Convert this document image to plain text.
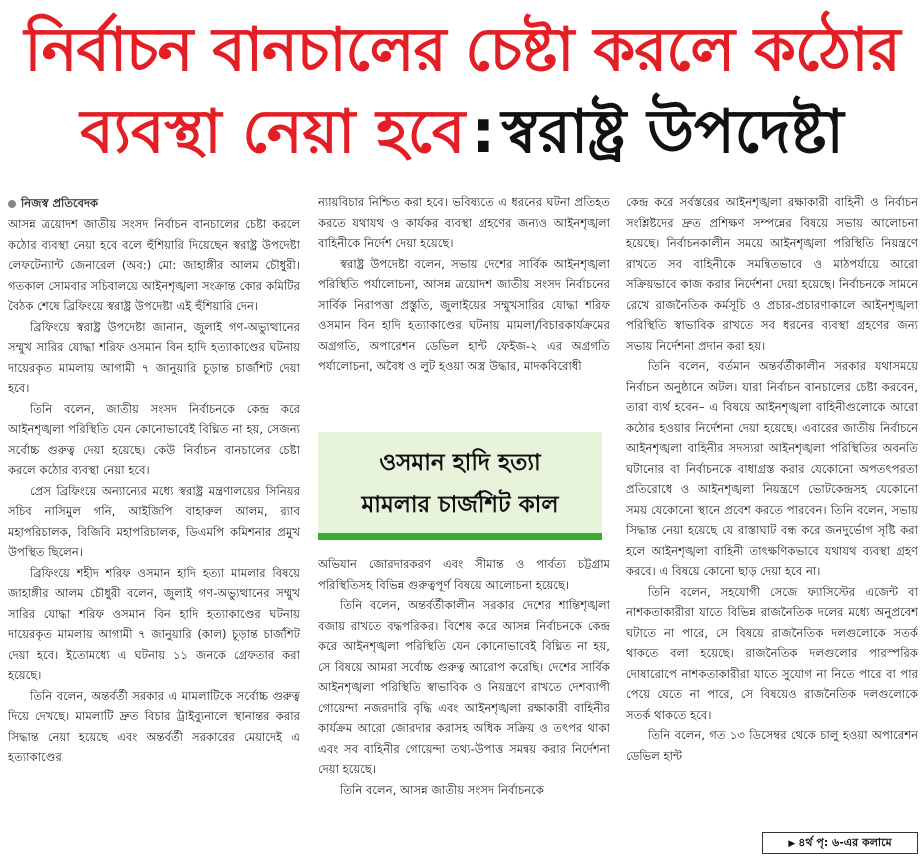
নির্বাচন বানচালের চেষ্টা করলে কঠোর
ব্যবস্থা নেয়া হবে : স্বরাষ্ট্র উপদেষ্টা
নিজস্ব প্রতিবেদক

আসন্ন ত্রয়োদশ জাতীয় সংসদ নির্বাচন বানচালের চেষ্টা করলে কঠোর ব্যবস্থা নেয়া হবে বলে হুঁশিয়ারি দিয়েছেন স্বরাষ্ট্র উপদেষ্টা লেফটেন্যান্ট জেনারেল (অব:) মো: জাহাঙ্গীর আলম চৌধুরী। গতকাল সোমবার সচিবালয়ে আইনশৃঙ্খলা সংক্রান্ত কোর কমিটির বৈঠক শেষে ব্রিফিংয়ে স্বরাষ্ট্র উপদেষ্টা এই হুঁশিয়ারি দেন।

ব্রিফিংয়ে স্বরাষ্ট্র উপদেষ্টা জানান, জুলাই গণ-অভ্যুত্থানের সম্মুখ সারির যোদ্ধা শরিফ ওসমান বিন হাদি হত্যাকাণ্ডের ঘটনায় দায়েরকৃত মামলায় আগামী ৭ জানুয়ারি চূড়ান্ত চার্জশিট দেয়া হবে।

তিনি বলেন, জাতীয় সংসদ নির্বাচনকে কেন্দ্র করে আইনশৃঙ্খলা পরিস্থিতি যেন কোনোভাবেই বিঘ্নিত না হয়, সেজন্য সর্বোচ্চ গুরুত্ব দেয়া হয়েছে। কেউ নির্বাচন বানচালের চেষ্টা করলে কঠোর ব্যবস্থা নেয়া হবে।

প্রেস ব্রিফিংয়ে অন্যান্যের মধ্যে স্বরাষ্ট্র মন্ত্রণালয়ের সিনিয়র সচিব নাসিমুল গনি, আইজিপি বাহারুল আলম, র‍্যাব মহাপরিচালক, বিজিবি মহাপরিচালক, ডিএমপি কমিশনার প্রমুখ উপস্থিত ছিলেন।

ব্রিফিংয়ে শহীদ শরিফ ওসমান হাদি হত্যা মামলার বিষয়ে জাহাঙ্গীর আলম চৌধুরী বলেন, জুলাই গণ-অভ্যুত্থানের সম্মুখ সারির যোদ্ধা শরিফ ওসমান বিন হাদি হত্যাকাণ্ডের ঘটনায় দায়েরকৃত মামলায় আগামী ৭ জানুয়ারি (কাল) চূড়ান্ত চার্জশিট দেয়া হবে। ইতোমধ্যে এ ঘটনায় ১১ জনকে গ্রেফতার করা হয়েছে।

তিনি বলেন, অন্তর্বর্তী সরকার এ মামলাটিকে সর্বোচ্চ গুরুত্ব দিয়ে দেখছে। মামলাটি দ্রুত বিচার ট্রাইব্যুনালে স্থানান্তর করার সিদ্ধান্ত নেয়া হয়েছে এবং অন্তর্বর্তী সরকারের মেয়াদেই এ হত্যাকাণ্ডের

ন্যায়বিচার নিশ্চিত করা হবে। ভবিষ্যতে এ ধরনের ঘটনা প্রতিহত করতে যথাযথ ও কার্যকর ব্যবস্থা গ্রহণের জন্যও আইনশৃঙ্খলা বাহিনীকে নির্দেশ দেয়া হয়েছে।

স্বরাষ্ট্র উপদেষ্টা বলেন, সভায় দেশের সার্বিক আইনশৃঙ্খলা পরিস্থিতি পর্যালোচনা, আসন্ন ত্রয়োদশ জাতীয় সংসদ নির্বাচনের সার্বিক নিরাপত্তা প্রস্তুতি, জুলাইয়ের সম্মুখসারির যোদ্ধা শরিফ ওসমান বিন হাদি হত্যাকাণ্ডের ঘটনায় মামলা/বিচারকার্যক্রমের অগ্রগতি, অপারেশন ডেভিল হান্ট ফেইজ-২ এর অগ্রগতি পর্যালোচনা, অবৈধ ও লুট হওয়া অস্ত্র উদ্ধার, মাদকবিরোধী

অভিযান জোরদারকরণ এবং সীমান্ত ও পার্বত্য চট্টগ্রাম পরিস্থিতিসহ বিভিন্ন গুরুত্বপূর্ণ বিষয়ে আলোচনা হয়েছে।

তিনি বলেন, অন্তর্বর্তীকালীন সরকার দেশের শান্তিশৃঙ্খলা বজায় রাখতে বদ্ধপরিকর। বিশেষ করে আসন্ন নির্বাচনকে কেন্দ্র করে আইনশৃঙ্খলা পরিস্থিতি যেন কোনোভাবেই বিঘ্নিত না হয়, সে বিষয়ে আমরা সর্বোচ্চ গুরুত্ব আরোপ করেছি। দেশের সার্বিক আইনশৃঙ্খলা পরিস্থিতি স্বাভাবিক ও নিয়ন্ত্রণে রাখতে দেশব্যাপী গোয়েন্দা নজরদারি বৃদ্ধি এবং আইনশৃঙ্খলা রক্ষাকারী বাহিনীর কার্যক্রম আরো জোরদার করাসহ অধিক সক্রিয় ও তৎপর থাকা এবং সব বাহিনীর গোয়েন্দা তথ্য-উপাত্ত সমন্বয় করার নির্দেশনা দেয়া হয়েছে।

তিনি বলেন, আসন্ন জাতীয় সংসদ নির্বাচনকে

ওসমান হাদি হত্যা
মামলার চার্জশিট কাল

কেন্দ্র করে সর্বস্তরের আইনশৃঙ্খলা রক্ষাকারী বাহিনী ও নির্বাচন সংশ্লিষ্টদের দ্রুত প্রশিক্ষণ সম্পন্নের বিষয়ে সভায় আলোচনা হয়েছে। নির্বাচনকালীন সময়ে আইনশৃঙ্খলা পরিস্থিতি নিয়ন্ত্রণে রাখতে সব বাহিনীকে সমন্বিতভাবে ও মাঠপর্যায়ে আরো সক্রিয়ভাবে কাজ করার নির্দেশনা দেয়া হয়েছে। নির্বাচনকে সামনে রেখে রাজনৈতিক কর্মসূচি ও প্রচার-প্রচারণাকালে আইনশৃঙ্খলা পরিস্থিতি স্বাভাবিক রাখতে সব ধরনের ব্যবস্থা গ্রহণের জন্য সভায় নির্দেশনা প্রদান করা হয়।

তিনি বলেন, বর্তমান অন্তর্বর্তীকালীন সরকার যথাসময়ে নির্বাচন অনুষ্ঠানে অটল। যারা নির্বাচন বানচালের চেষ্টা করবেন, তারা ব্যর্থ হবেন– এ বিষয়ে আইনশৃঙ্খলা বাহিনীগুলোকে আরো কঠোর হওয়ার নির্দেশনা দেয়া হয়েছে। এবারের জাতীয় নির্বাচনে আইনশৃঙ্খলা বাহিনীর সদস্যরা আইনশৃঙ্খলা পরিস্থিতির অবনতি ঘটানোর বা নির্বাচনকে বাধাগ্রস্ত করার যেকোনো অপতৎপরতা প্রতিরোধে ও আইনশৃঙ্খলা নিয়ন্ত্রণে ভোটকেন্দ্রসহ যেকোনো সময় যেকোনো স্থানে প্রবেশ করতে পারবেন। তিনি বলেন, সভায় সিদ্ধান্ত নেয়া হয়েছে যে রাস্তাঘাট বন্ধ করে জনদুর্ভোগ সৃষ্টি করা হলে আইনশৃঙ্খলা বাহিনী তাৎক্ষণিকভাবে যথাযথ ব্যবস্থা গ্রহণ করবে। এ বিষয়ে কোনো ছাড় দেয়া হবে না।

তিনি বলেন, সহযোগী সেজে ফ্যাসিস্টের এজেন্ট বা নাশকতাকারীরা যাতে বিভিন্ন রাজনৈতিক দলের মধ্যে অনুপ্রবেশ ঘটাতে না পারে, সে বিষয়ে রাজনৈতিক দলগুলোকে সতর্ক থাকতে বলা হয়েছে। রাজনৈতিক দলগুলোর পারস্পরিক দোষারোপে নাশকতাকারীরা যাতে সুযোগ না নিতে পারে বা পার পেয়ে যেতে না পারে, সে বিষয়েও রাজনৈতিক দলগুলোকে সতর্ক থাকতে হবে।

তিনি বলেন, গত ১৩ ডিসেম্বর থেকে চালু হওয়া অপারেশন ডেভিল হান্ট

▶ ৪র্থ পৃ: ৬-এর কলামে
